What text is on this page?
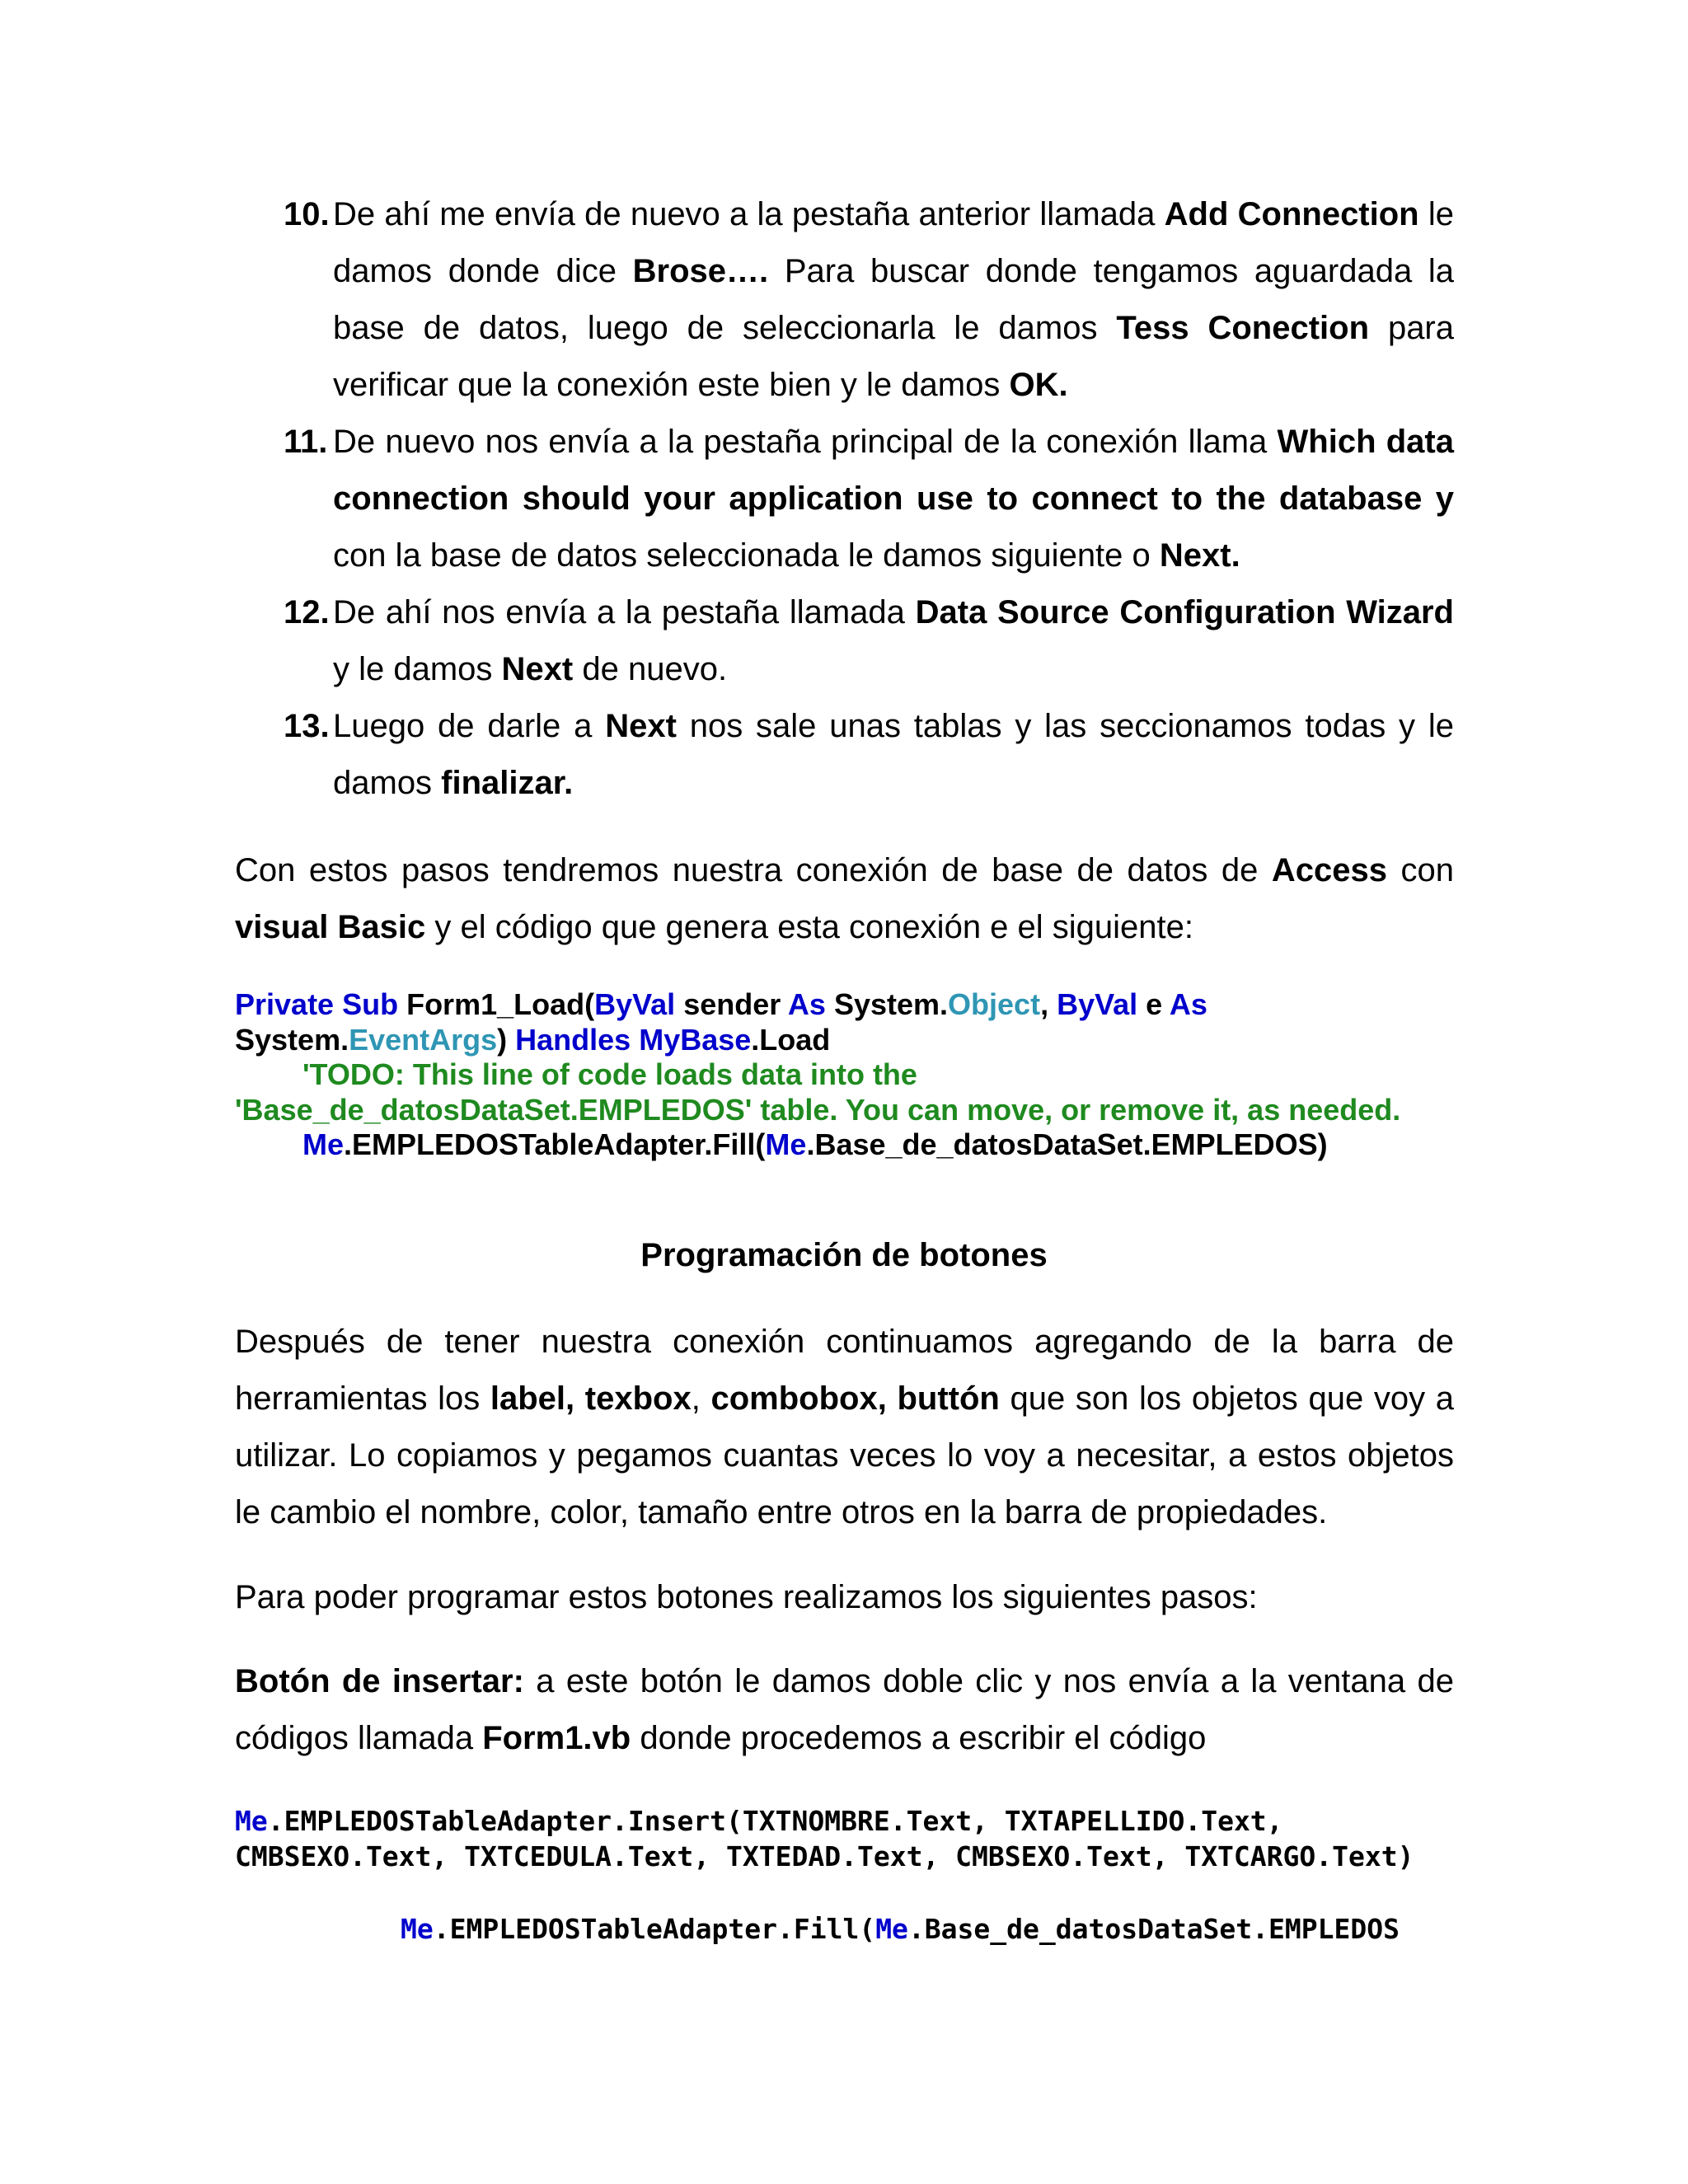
10. De ahí me envía de nuevo a la pestaña anterior llamada Add Connection le damos donde dice Brose…. Para buscar donde tengamos aguardada la base de datos, luego de seleccionarla le damos Tess Conection para verificar que la conexión este bien y le damos OK.
11. De nuevo nos envía a la pestaña principal de la conexión llama Which data connection should your application use to connect to the database y con la base de datos seleccionada le damos siguiente o Next.
12. De ahí nos envía a la pestaña llamada Data Source Configuration Wizard y le damos Next de nuevo.
13. Luego de darle a Next nos sale unas tablas y las seccionamos todas y le damos finalizar.
Con estos pasos tendremos nuestra conexión de base de datos de Access con visual Basic y el código que genera esta conexión e el siguiente:
Private Sub Form1_Load(ByVal sender As System.Object, ByVal e As
System.EventArgs) Handles MyBase.Load
'TODO: This line of code loads data into the
'Base_de_datosDataSet.EMPLEDOS' table. You can move, or remove it, as needed.
Me.EMPLEDOSTableAdapter.Fill(Me.Base_de_datosDataSet.EMPLEDOS)
Programación de botones
Después de tener nuestra conexión continuamos agregando de la barra de herramientas los label, texbox, combobox, buttón que son los objetos que voy a utilizar. Lo copiamos y pegamos cuantas veces lo voy a necesitar, a estos objetos le cambio el nombre, color, tamaño entre otros en la barra de propiedades.
Para poder programar estos botones realizamos los siguientes pasos:
Botón de insertar: a este botón le damos doble clic y nos envía a la ventana de códigos llamada Form1.vb donde procedemos a escribir el código
Me.EMPLEDOSTableAdapter.Insert(TXTNOMBRE.Text, TXTAPELLIDO.Text,
CMBSEXO.Text, TXTCEDULA.Text, TXTEDAD.Text, CMBSEXO.Text, TXTCARGO.Text)
Me.EMPLEDOSTableAdapter.Fill(Me.Base_de_datosDataSet.EMPLEDOS
